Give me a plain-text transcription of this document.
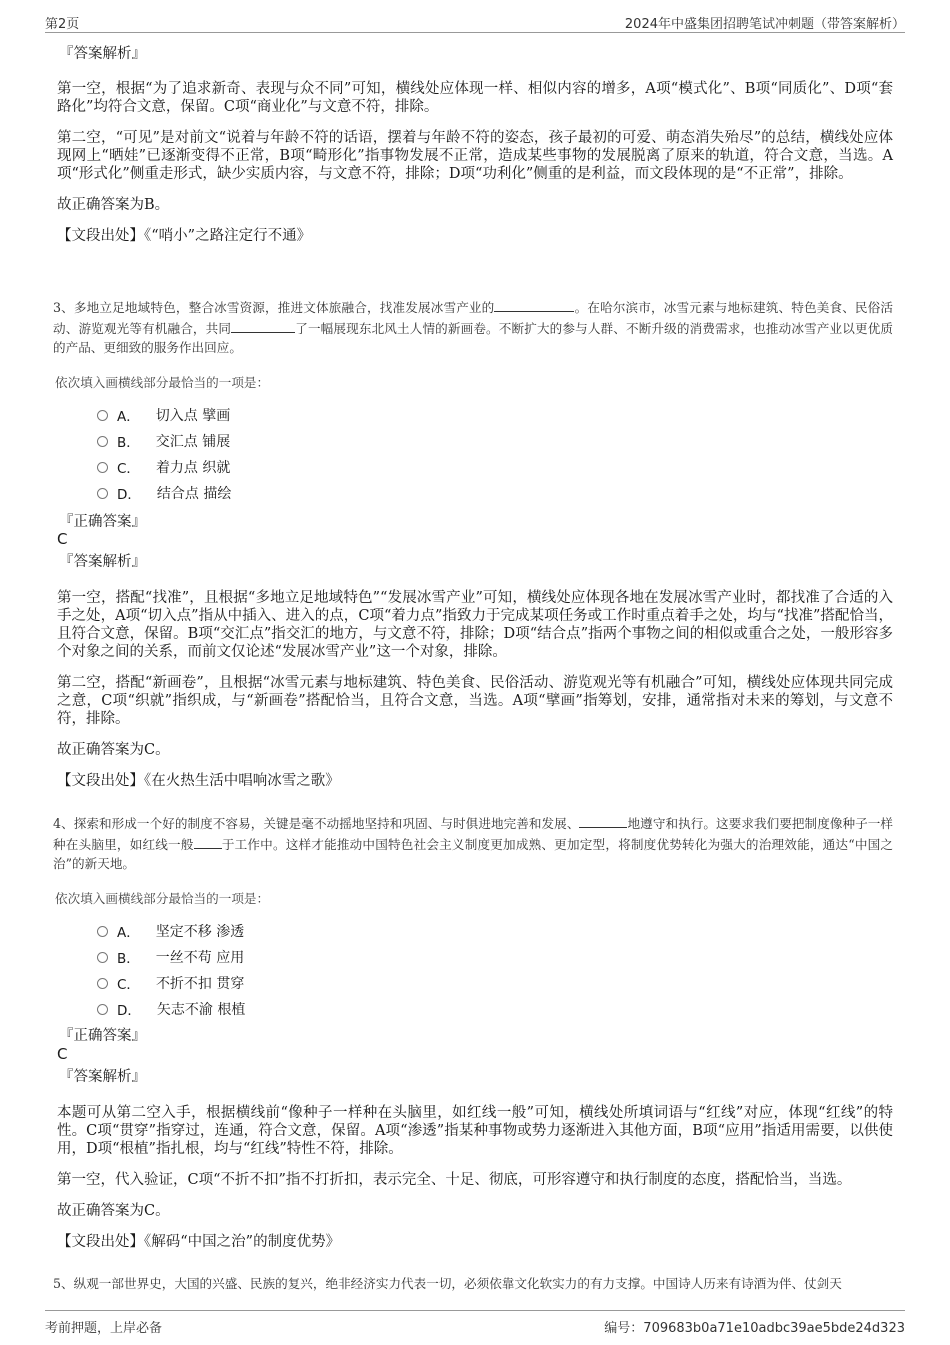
第2页	2024年中盛集团招聘笔试冲刺题（带答案解析）
『答案解析』

第一空，根据“为了追求新奇、表现与众不同”可知，横线处应体现一样、相似内容的增多，A项“模式化”、B项“同质化”、D项“套路化”均符合文意，保留。C项“商业化”与文意不符，排除。

第二空，“可见”是对前文“说着与年龄不符的话语，摆着与年龄不符的姿态，孩子最初的可爱、萌态消失殆尽”的总结，横线处应体现网上“晒娃”已逐渐变得不正常，B项“畸形化”指事物发展不正常，造成某些事物的发展脱离了原来的轨道，符合文意，当选。A项“形式化”侧重走形式，缺少实质内容，与文意不符，排除；D项“功利化”侧重的是利益，而文段体现的是“不正常”，排除。

故正确答案为B。

【文段出处】《“哨小”之路注定行不通》

3、多地立足地域特色，整合冰雪资源，推进文体旅融合，找准发展冰雪产业的	。在哈尔滨市，冰雪元素与地标建筑、特色美食、民俗活动、游览观光等有机融合，共同	了一幅展现东北风土人情的新画卷。不断扩大的参与人群、不断升级的消费需求，也推动冰雪产业以更优质的产品、更细致的服务作出回应。
依次填入画横线部分最恰当的一项是：
A． 切入点 擘画
B． 交汇点 铺展
C． 着力点 织就
D． 结合点 描绘
『正确答案』
C
『答案解析』

第一空，搭配“找准”，且根据“多地立足地域特色”“发展冰雪产业”可知，横线处应体现各地在发展冰雪产业时，都找准了合适的入手之处，A项“切入点”指从中插入、进入的点，C项“着力点”指致力于完成某项任务或工作时重点着手之处，均与“找准”搭配恰当，且符合文意，保留。B项“交汇点”指交汇的地方，与文意不符，排除；D项“结合点”指两个事物之间的相似或重合之处，一般形容多个对象之间的关系，而前文仅论述“发展冰雪产业”这一个对象，排除。

第二空，搭配“新画卷”，且根据“冰雪元素与地标建筑、特色美食、民俗活动、游览观光等有机融合”可知，横线处应体现共同完成之意，C项“织就”指织成，与“新画卷”搭配恰当，且符合文意，当选。A项“擘画”指筹划，安排，通常指对未来的筹划，与文意不符，排除。

故正确答案为C。

【文段出处】《在火热生活中唱响冰雪之歌》

4、探索和形成一个好的制度不容易，关键是毫不动摇地坚持和巩固、与时俱进地完善和发展、	地遵守和执行。这要求我们要把制度像种子一样种在头脑里，如红线一般 于工作中。这样才能推动中国特色社会主义制度更加成熟、更加定型，将制度优势转化为强大的治理效能，通达“中国之治”的新天地。
依次填入画横线部分最恰当的一项是：
A． 坚定不移 渗透
B． 一丝不苟 应用
C． 不折不扣 贯穿
D． 矢志不渝 根植
『正确答案』
C
『答案解析』

本题可从第二空入手，根据横线前“像种子一样种在头脑里，如红线一般”可知，横线处所填词语与“红线”对应，体现“红线”的特性。C项“贯穿”指穿过，连通，符合文意，保留。A项“渗透”指某种事物或势力逐渐进入其他方面，B项“应用”指适用需要，以供使用，D项“根植”指扎根，均与“红线”特性不符，排除。

第一空，代入验证，C项“不折不扣”指不打折扣，表示完全、十足、彻底，可形容遵守和执行制度的态度，搭配恰当，当选。

故正确答案为C。

【文段出处】《解码“中国之治”的制度优势》

5、纵观一部世界史，大国的兴盛、民族的复兴，绝非经济实力代表一切，必须依靠文化软实力的有力支撑。中国诗人历来有诗酒为伴、仗剑天
考前押题，上岸必备	编号：709683b0a71e10adbc39ae5bde24d323
